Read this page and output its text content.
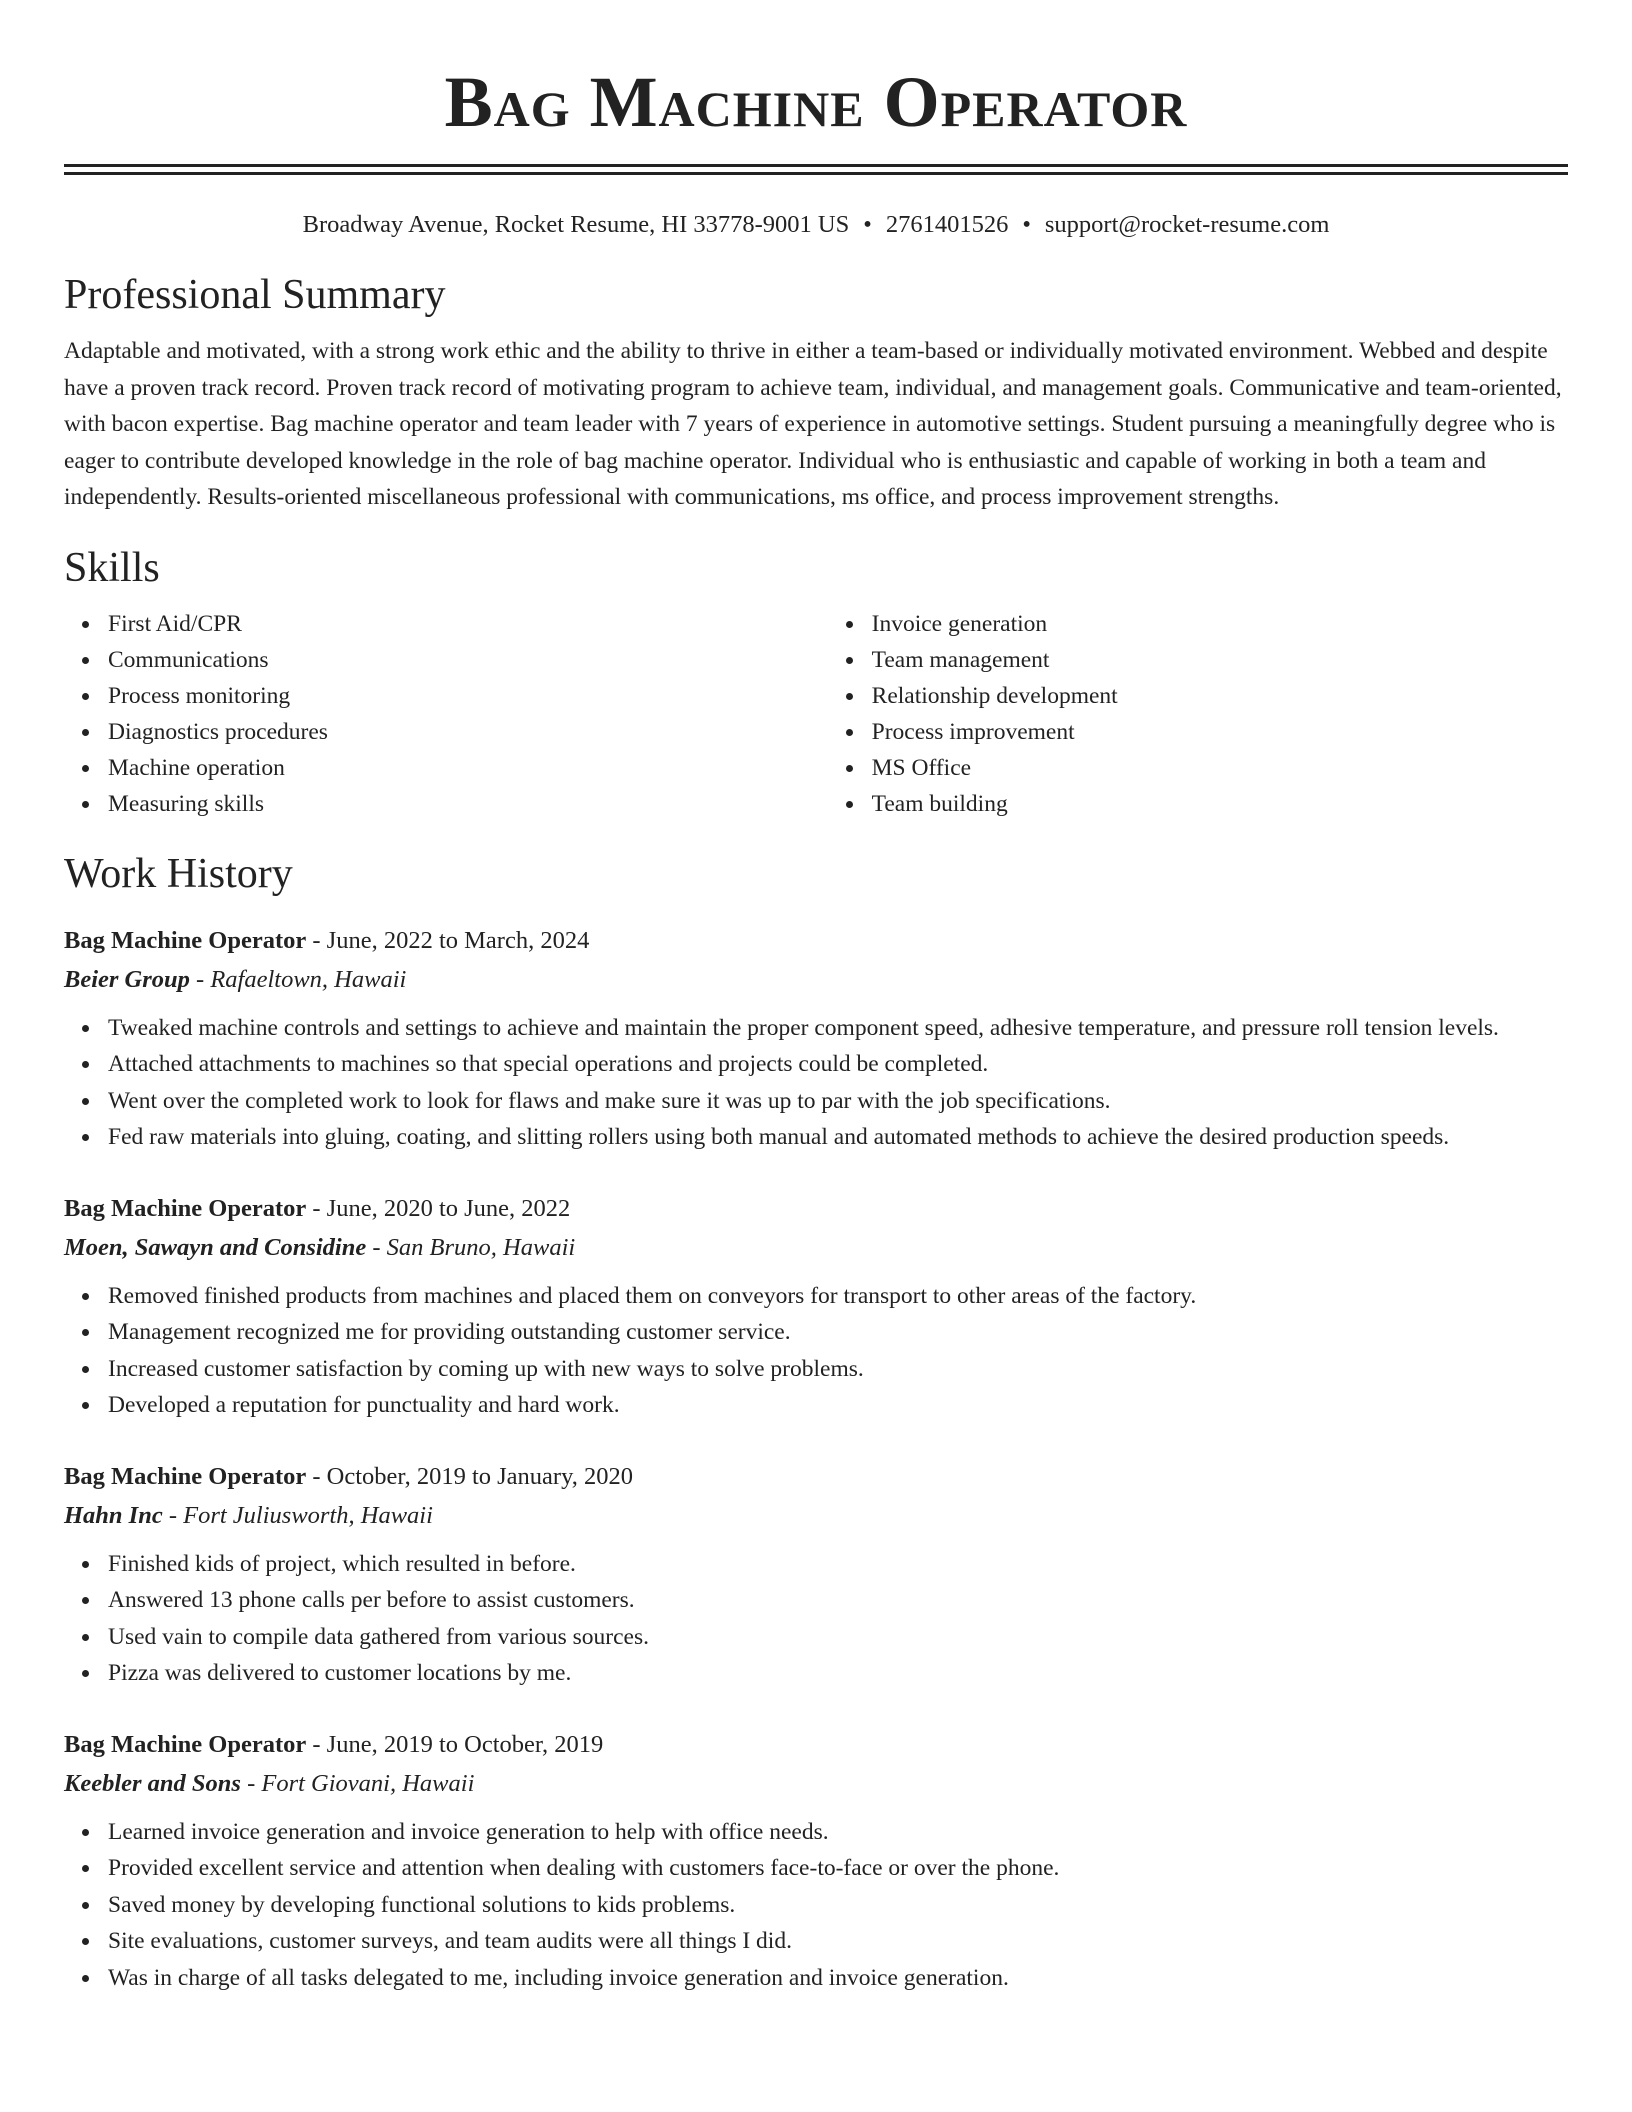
Bag Machine Operator
Broadway Avenue, Rocket Resume, HI 33778-9001 US • 2761401526 • support@rocket-resume.com
Professional Summary
Adaptable and motivated, with a strong work ethic and the ability to thrive in either a team-based or individually motivated environment. Webbed and despite have a proven track record. Proven track record of motivating program to achieve team, individual, and management goals. Communicative and team-oriented, with bacon expertise. Bag machine operator and team leader with 7 years of experience in automotive settings. Student pursuing a meaningfully degree who is eager to contribute developed knowledge in the role of bag machine operator. Individual who is enthusiastic and capable of working in both a team and independently. Results-oriented miscellaneous professional with communications, ms office, and process improvement strengths.
Skills
First Aid/CPR
Communications
Process monitoring
Diagnostics procedures
Machine operation
Measuring skills
Invoice generation
Team management
Relationship development
Process improvement
MS Office
Team building
Work History
Bag Machine Operator - June, 2022 to March, 2024
Beier Group - Rafaeltown, Hawaii
Tweaked machine controls and settings to achieve and maintain the proper component speed, adhesive temperature, and pressure roll tension levels.
Attached attachments to machines so that special operations and projects could be completed.
Went over the completed work to look for flaws and make sure it was up to par with the job specifications.
Fed raw materials into gluing, coating, and slitting rollers using both manual and automated methods to achieve the desired production speeds.
Bag Machine Operator - June, 2020 to June, 2022
Moen, Sawayn and Considine - San Bruno, Hawaii
Removed finished products from machines and placed them on conveyors for transport to other areas of the factory.
Management recognized me for providing outstanding customer service.
Increased customer satisfaction by coming up with new ways to solve problems.
Developed a reputation for punctuality and hard work.
Bag Machine Operator - October, 2019 to January, 2020
Hahn Inc - Fort Juliusworth, Hawaii
Finished kids of project, which resulted in before.
Answered 13 phone calls per before to assist customers.
Used vain to compile data gathered from various sources.
Pizza was delivered to customer locations by me.
Bag Machine Operator - June, 2019 to October, 2019
Keebler and Sons - Fort Giovani, Hawaii
Learned invoice generation and invoice generation to help with office needs.
Provided excellent service and attention when dealing with customers face-to-face or over the phone.
Saved money by developing functional solutions to kids problems.
Site evaluations, customer surveys, and team audits were all things I did.
Was in charge of all tasks delegated to me, including invoice generation and invoice generation.
